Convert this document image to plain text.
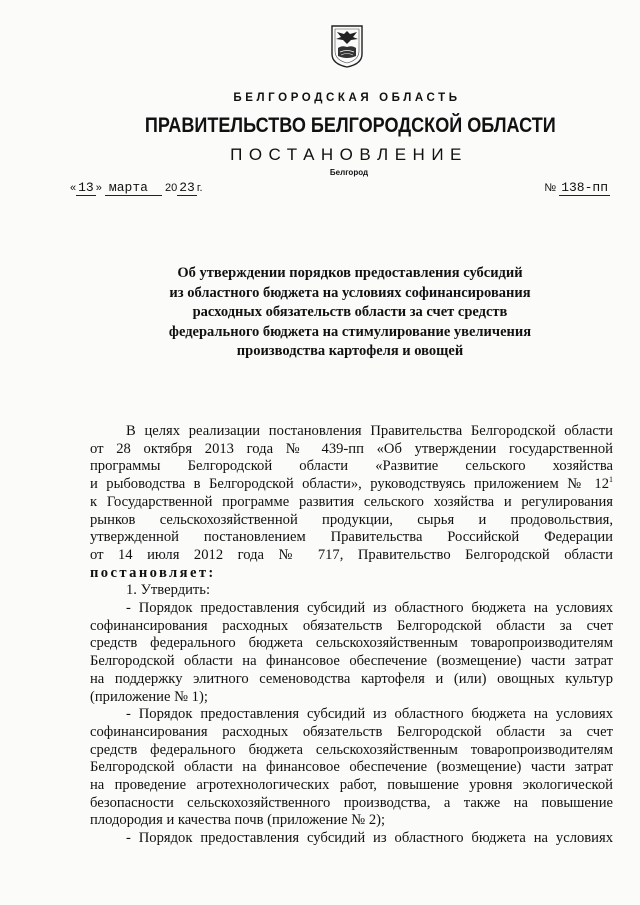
БЕЛГОРОДСКАЯ ОБЛАСТЬ
ПРАВИТЕЛЬСТВО БЕЛГОРОДСКОЙ ОБЛАСТИ
ПОСТАНОВЛЕНИЕ
Белгород
« 13 » марта 20 23 г.	№ 138-пп
Об утверждении порядков предоставления субсидий
из областного бюджета на условиях софинансирования
расходных обязательств области за счет средств
федерального бюджета на стимулирование увеличения
производства картофеля и овощей
В целях реализации постановления Правительства Белгородской области
от 28 октября 2013 года № 439-пп «Об утверждении государственной
программы Белгородской области «Развитие сельского хозяйства
и рыбоводства в Белгородской области», руководствуясь приложением № $12^1$
к Государственной программе развития сельского хозяйства и регулирования
рынков сельскохозяйственной продукции, сырья и продовольствия,
утвержденной постановлением Правительства Российской Федерации
от 14 июля 2012 года № 717, Правительство Белгородской области
постановляет:
1. Утвердить:
- Порядок предоставления субсидий из областного бюджета на условиях
софинансирования расходных обязательств Белгородской области за счет
средств федерального бюджета сельскохозяйственным товаропроизводителям
Белгородской области на финансовое обеспечение (возмещение) части затрат
на поддержку элитного семеноводства картофеля и (или) овощных культур
(приложение № 1);
- Порядок предоставления субсидий из областного бюджета на условиях
софинансирования расходных обязательств Белгородской области за счет
средств федерального бюджета сельскохозяйственным товаропроизводителям
Белгородской области на финансовое обеспечение (возмещение) части затрат
на проведение агротехнологических работ, повышение уровня экологической
безопасности сельскохозяйственного производства, а также на повышение
плодородия и качества почв (приложение № 2);
- Порядок предоставления субсидий из областного бюджета на условиях
